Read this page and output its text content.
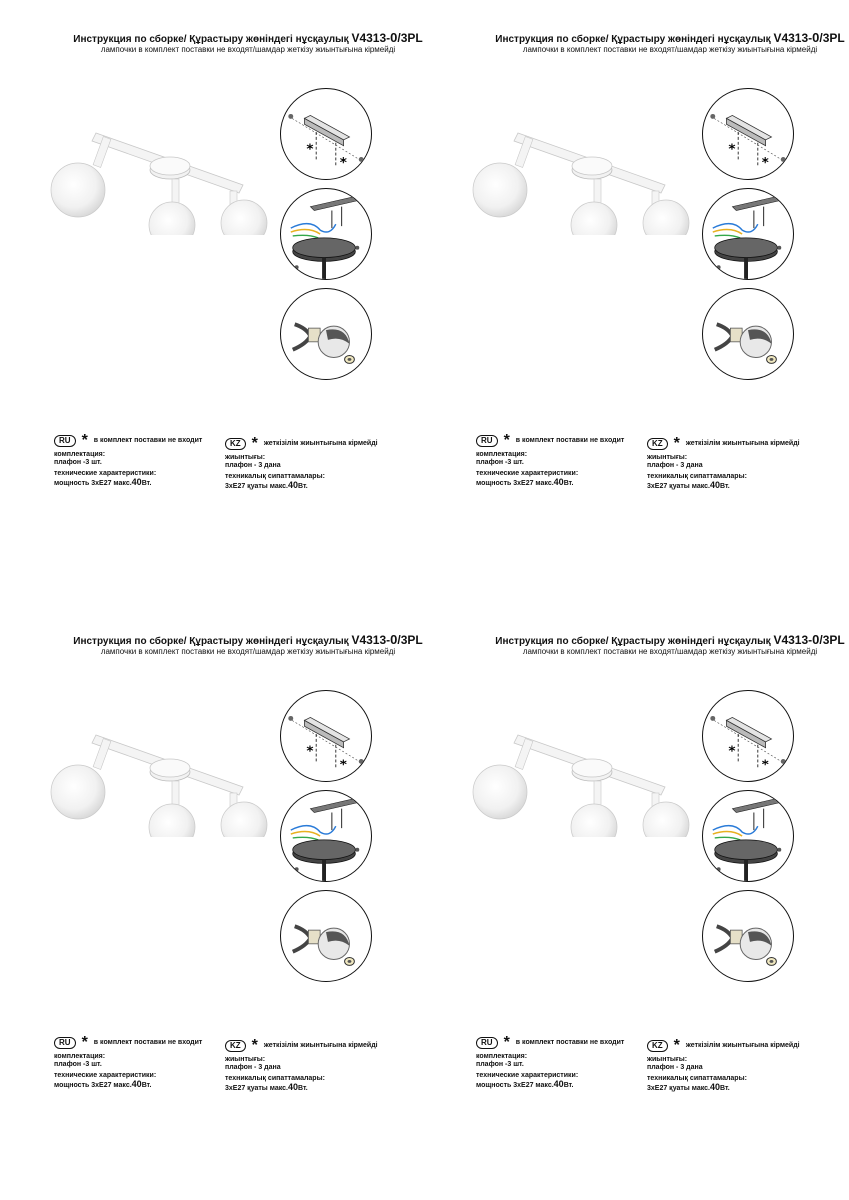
Инструкция по сборке/ Құрастыру жөніндегі нұсқаулық V4313-0/3PL
лампочки в комплект поставки не входят/шамдар жеткізу жиынтығына кірмейді
*
*
RU * в комплект поставки не входит
комплектация:
плафон -3 шт.
технические характеристики:
мощность 3xE27 макс.40Вт.
KZ * жеткізілім жиынтығына кірмейді
жиынтығы:
плафон - 3 дана
техникалық сипаттамалары:
3xE27 қуаты макс.40Вт.
Инструкция по сборке/ Құрастыру жөніндегі нұсқаулық V4313-0/3PL
лампочки в комплект поставки не входят/шамдар жеткізу жиынтығына кірмейді
*
*
RU * в комплект поставки не входит
комплектация:
плафон -3 шт.
технические характеристики:
мощность 3xE27 макс.40Вт.
KZ * жеткізілім жиынтығына кірмейді
жиынтығы:
плафон - 3 дана
техникалық сипаттамалары:
3xE27 қуаты макс.40Вт.
Инструкция по сборке/ Құрастыру жөніндегі нұсқаулық V4313-0/3PL
лампочки в комплект поставки не входят/шамдар жеткізу жиынтығына кірмейді
*
*
RU * в комплект поставки не входит
комплектация:
плафон -3 шт.
технические характеристики:
мощность 3xE27 макс.40Вт.
KZ * жеткізілім жиынтығына кірмейді
жиынтығы:
плафон - 3 дана
техникалық сипаттамалары:
3xE27 қуаты макс.40Вт.
Инструкция по сборке/ Құрастыру жөніндегі нұсқаулық V4313-0/3PL
лампочки в комплект поставки не входят/шамдар жеткізу жиынтығына кірмейді
*
*
RU * в комплект поставки не входит
комплектация:
плафон -3 шт.
технические характеристики:
мощность 3xE27 макс.40Вт.
KZ * жеткізілім жиынтығына кірмейді
жиынтығы:
плафон - 3 дана
техникалық сипаттамалары:
3xE27 қуаты макс.40Вт.
